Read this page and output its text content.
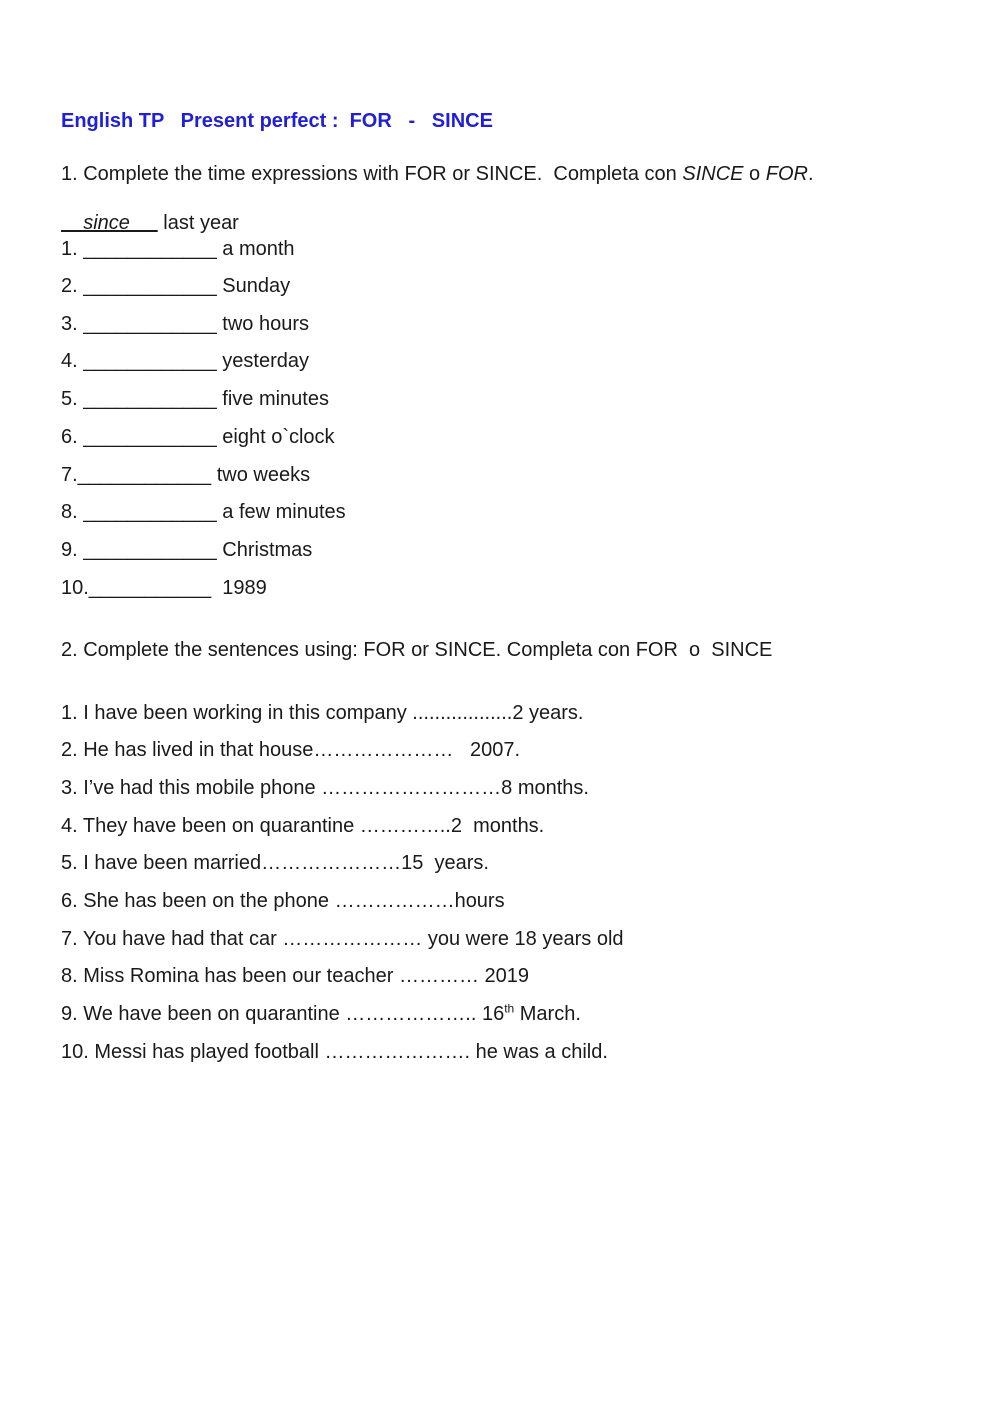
English TP   Present perfect :  FOR   -   SINCE
1. Complete the time expressions with FOR or SINCE.  Completa con SINCE o FOR.
since      last year
1. ____________ a month
2. ____________ Sunday
3. ____________ two hours
4. ____________ yesterday
5. ____________ five minutes
6. ____________ eight o`clock
7.____________ two weeks
8. ____________ a few minutes
9. ____________ Christmas
10.___________  1989
2. Complete the sentences using: FOR or SINCE. Completa con FOR  o  SINCE
1. I have been working in this company ..................2 years.
2. He has lived in that house…………………   2007.
3. I’ve had this mobile phone ………………………8 months.
4. They have been on quarantine …………..2  months.
5. I have been married…………………15  years.
6. She has been on the phone ………………hours
7. You have had that car ………………… you were 18 years old
8. Miss Romina has been our teacher ………… 2019
9. We have been on quarantine ……………….. 16th March.
10. Messi has played football …………………. he was a child.
